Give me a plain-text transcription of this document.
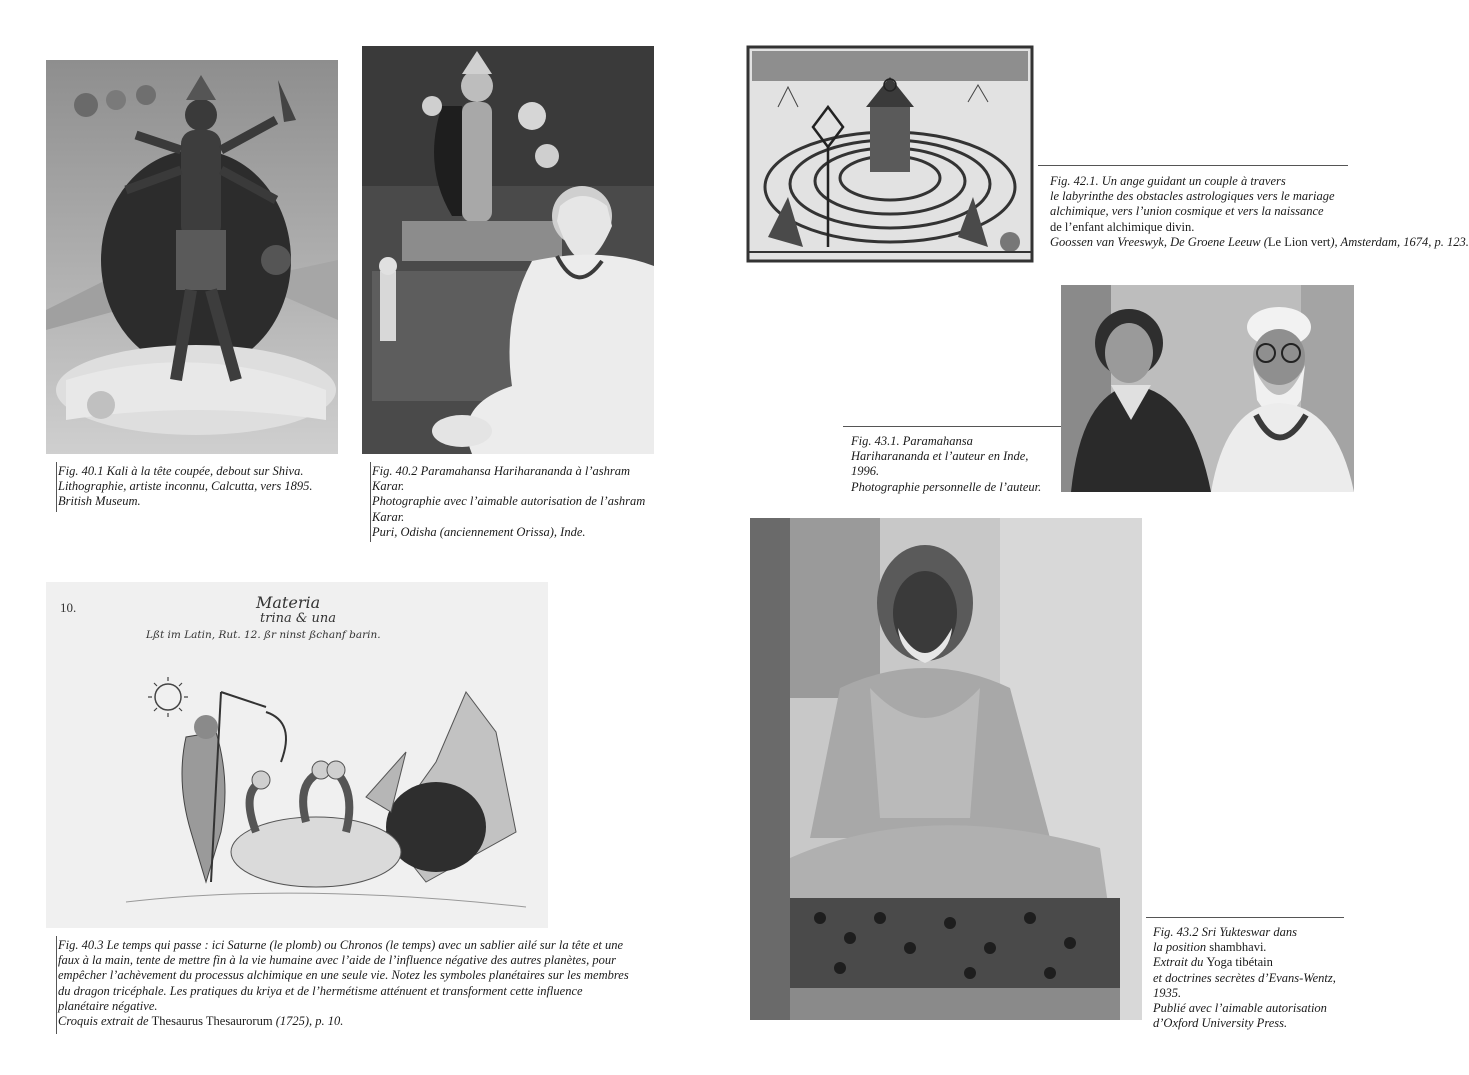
Fig. 40.1 Kali à la tête coupée, debout sur Shiva.
Lithographie, artiste inconnu, Calcutta, vers 1895.
British Museum.
Fig. 40.2 Paramahansa Hariharananda à l’ashram
Karar.
Photographie avec l’aimable autorisation de l’ashram
Karar.
Puri, Odisha (anciennement Orissa), Inde.
10.	Materia
trina & una
Lßt im Latin, Rut. 12. ßr ninst ßchanf barin.
Fig. 40.3 Le temps qui passe : ici Saturne (le plomb) ou Chronos (le temps) avec un sablier ailé sur la tête et une
faux à la main, tente de mettre fin à la vie humaine avec l’aide de l’influence négative des autres planètes, pour
empêcher l’achèvement du processus alchimique en une seule vie. Notez les symboles planétaires sur les membres
du dragon tricéphale. Les pratiques du kriya et de l’hermétisme atténuent et transforment cette influence
planétaire négative.
Croquis extrait de Thesaurus Thesaurorum (1725), p. 10.
Fig. 42.1. Un ange guidant un couple à travers
le labyrinthe des obstacles astrologiques vers le mariage
alchimique, vers l’union cosmique et vers la naissance
de l’enfant alchimique divin.
Goossen van Vreeswyk, De Groene Leeuw (Le Lion vert), Amsterdam, 1674, p. 123.
Fig. 43.1. Paramahansa
Hariharananda et l’auteur en Inde,
1996.
Photographie personnelle de l’auteur.
Fig. 43.2 Sri Yukteswar dans
la position shambhavi.
Extrait du Yoga tibétain
et doctrines secrètes d’Evans-Wentz,
1935.
Publié avec l’aimable autorisation
d’Oxford University Press.
